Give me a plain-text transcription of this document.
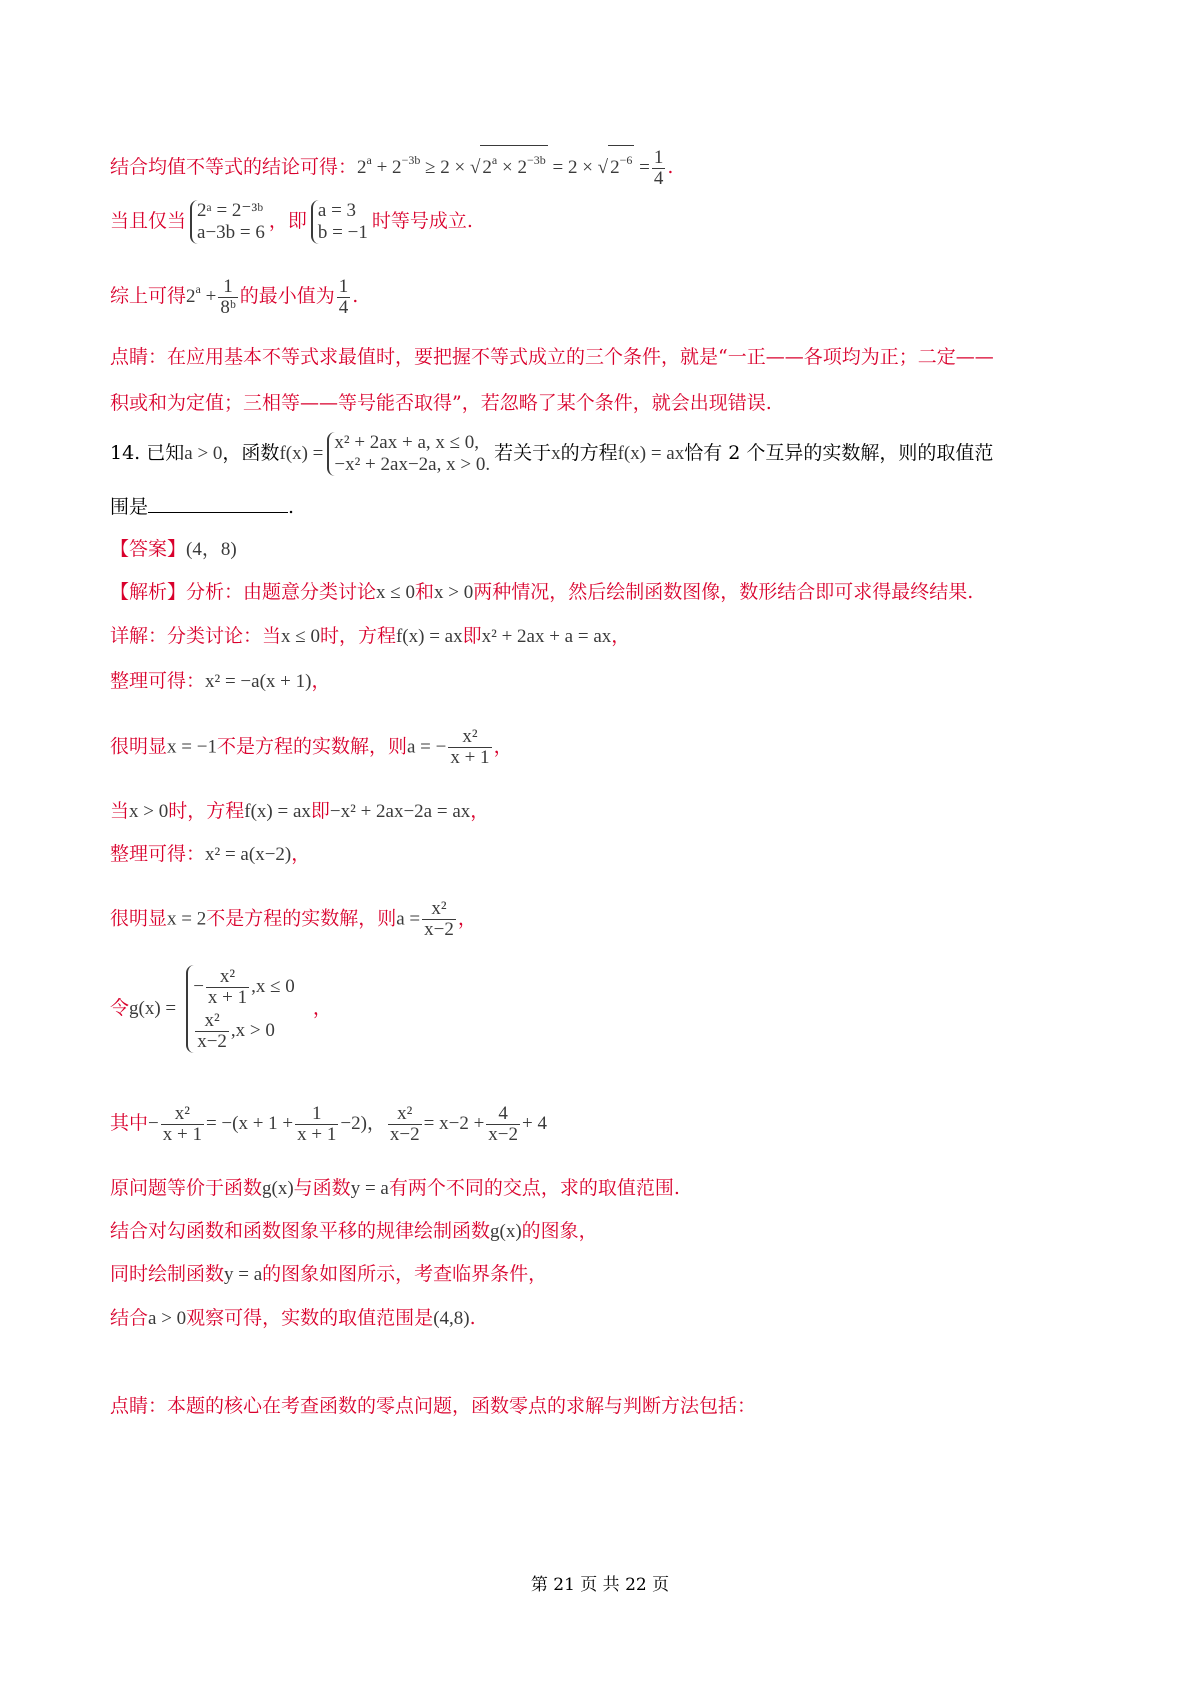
结合均值不等式的结论可得：$2^a + 2^{-3b} \ge 2$ × √ $2^a \times 2^{-3b} = 2$ × √ $2^{-6} = \frac{1}{4}$ .
当且仅当 2ᵃ = 2⁻³ᵇ
a−3b = 6
，即 a = 3
b = −1
时等号成立.
综上可得$2^a + \frac{1}{\text{8ᵇ}}$ 的最小值为 $\frac{1}{4}$ .
点睛：在应用基本不等式求最值时，要把握不等式成立的三个条件，就是“一正——各项均为正；二定——
积或和为定值；三相等——等号能否取得”，若忽略了某个条件，就会出现错误.
14. 已知a > 0，函数f(x) =
x² + 2ax + a, x ≤ 0,
−x² + 2ax−2a, x > 0.
若关于x的方程f(x) = ax恰有 2 个互异的实数解，则的取值范
围是	.
【答案】(4，8)
【解析】分析：由题意分类讨论x ≤ 0和x > 0两种情况，然后绘制函数图像，数形结合即可求得最终结果.
详解：分类讨论：当x ≤ 0时，方程f(x) = ax即x² + 2ax + a = ax，
整理可得：x² = −a(x + 1)，
很明显x = −1不是方程的实数解，则a = − $\frac{\text{x²}}{x + 1}$ ，
当x > 0时，方程f(x) = ax即−x² + 2ax−2a = ax，
整理可得：x² = a(x−2)，
很明显x = 2不是方程的实数解，则$a = \frac{\text{x²}}{x-2}$ ，
令g(x) =
− $\frac{\text{x²}}{x + 1} ,x \le 0$
$\frac{\text{x²}}{x-2} ,x > 0$
，
其中− $\frac{\text{x²}}{x + 1} = -(x + 1 + \frac{1}{x + 1} -2)$， $\frac{\text{x²}}{x-2} = x-2 + \frac{4}{x-2} + 4$
原问题等价于函数g(x)与函数y = a有两个不同的交点，求的取值范围.
结合对勾函数和函数图象平移的规律绘制函数g(x)的图象，
同时绘制函数y = a的图象如图所示，考查临界条件，
结合a > 0观察可得，实数的取值范围是(4,8).
点睛：本题的核心在考查函数的零点问题，函数零点的求解与判断方法包括：
第 21 页 共 22 页
